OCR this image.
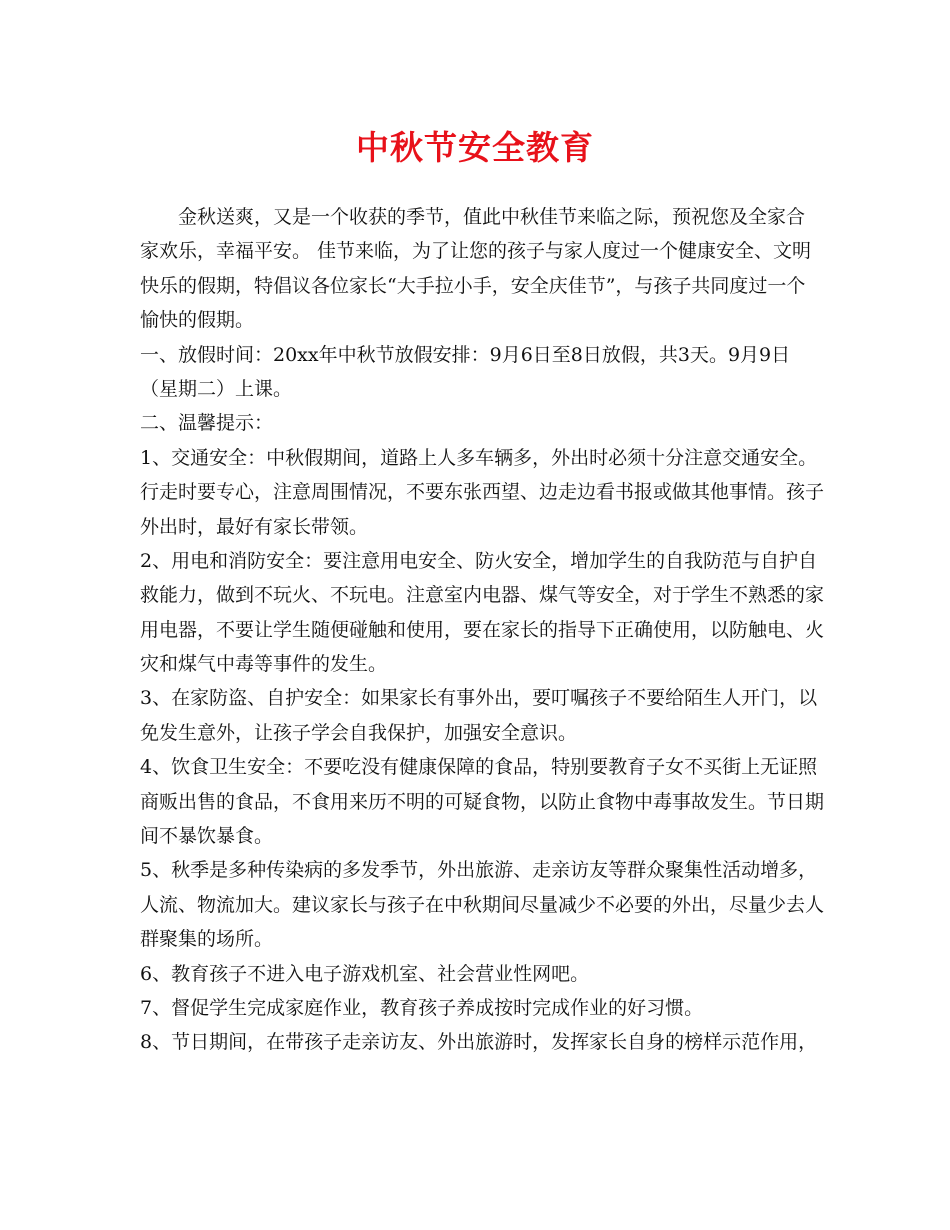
中秋节安全教育

金秋送爽，又是一个收获的季节，值此中秋佳节来临之际，预祝您及全家合

家欢乐，幸福平安。 佳节来临，为了让您的孩子与家人度过一个健康安全、文明

快乐的假期，特倡议各位家长“大手拉小手，安全庆佳节”，与孩子共同度过一个

愉快的假期。

一、放假时间：20xx年中秋节放假安排：9月6日至8日放假，共3天。9月9日

（星期二）上课。

二、温馨提示：

1、交通安全：中秋假期间，道路上人多车辆多，外出时必须十分注意交通安全。

行走时要专心，注意周围情况，不要东张西望、边走边看书报或做其他事情。孩子

外出时，最好有家长带领。

2、用电和消防安全：要注意用电安全、防火安全，增加学生的自我防范与自护自

救能力，做到不玩火、不玩电。注意室内电器、煤气等安全，对于学生不熟悉的家

用电器，不要让学生随便碰触和使用，要在家长的指导下正确使用，以防触电、火

灾和煤气中毒等事件的发生。

3、在家防盗、自护安全：如果家长有事外出，要叮嘱孩子不要给陌生人开门，以

免发生意外，让孩子学会自我保护，加强安全意识。

4、饮食卫生安全：不要吃没有健康保障的食品，特别要教育子女不买街上无证照

商贩出售的食品，不食用来历不明的可疑食物，以防止食物中毒事故发生。节日期

间不暴饮暴食。

5、秋季是多种传染病的多发季节，外出旅游、走亲访友等群众聚集性活动增多，

人流、物流加大。建议家长与孩子在中秋期间尽量减少不必要的外出，尽量少去人

群聚集的场所。

6、教育孩子不进入电子游戏机室、社会营业性网吧。

7、督促学生完成家庭作业，教育孩子养成按时完成作业的好习惯。

8、节日期间，在带孩子走亲访友、外出旅游时，发挥家长自身的榜样示范作用，
